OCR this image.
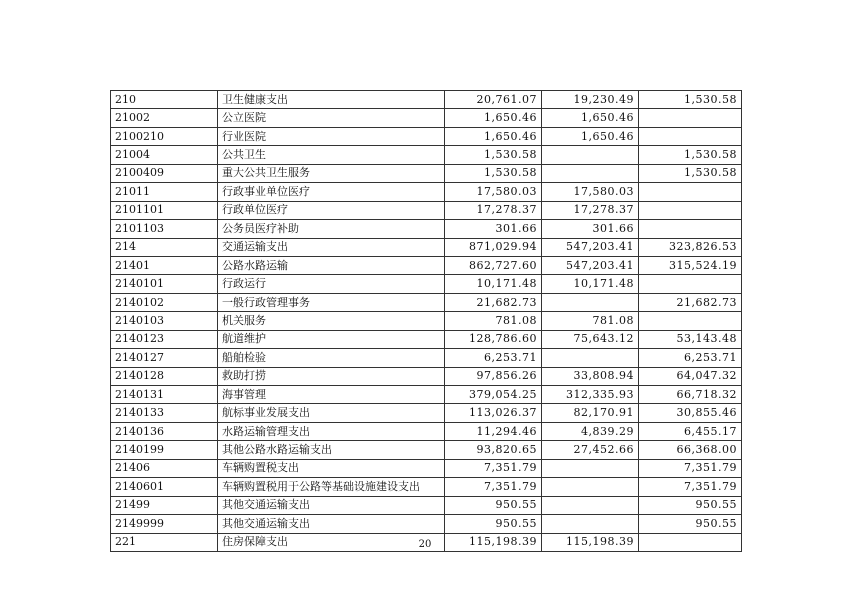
210	卫生健康支出	20,761.07	19,230.49	1,530.58
21002	公立医院	1,650.46	1,650.46	
2100210	行业医院	1,650.46	1,650.46	
21004	公共卫生	1,530.58		1,530.58
2100409	重大公共卫生服务	1,530.58		1,530.58
21011	行政事业单位医疗	17,580.03	17,580.03	
2101101	行政单位医疗	17,278.37	17,278.37	
2101103	公务员医疗补助	301.66	301.66	
214	交通运输支出	871,029.94	547,203.41	323,826.53
21401	公路水路运输	862,727.60	547,203.41	315,524.19
2140101	行政运行	10,171.48	10,171.48	
2140102	一般行政管理事务	21,682.73		21,682.73
2140103	机关服务	781.08	781.08	
2140123	航道维护	128,786.60	75,643.12	53,143.48
2140127	船舶检验	6,253.71		6,253.71
2140128	救助打捞	97,856.26	33,808.94	64,047.32
2140131	海事管理	379,054.25	312,335.93	66,718.32
2140133	航标事业发展支出	113,026.37	82,170.91	30,855.46
2140136	水路运输管理支出	11,294.46	4,839.29	6,455.17
2140199	其他公路水路运输支出	93,820.65	27,452.66	66,368.00
21406	车辆购置税支出	7,351.79		7,351.79
2140601	车辆购置税用于公路等基础设施建设支出	7,351.79		7,351.79
21499	其他交通运输支出	950.55		950.55
2149999	其他交通运输支出	950.55		950.55
221	住房保障支出	115,198.39	115,198.39	
20
